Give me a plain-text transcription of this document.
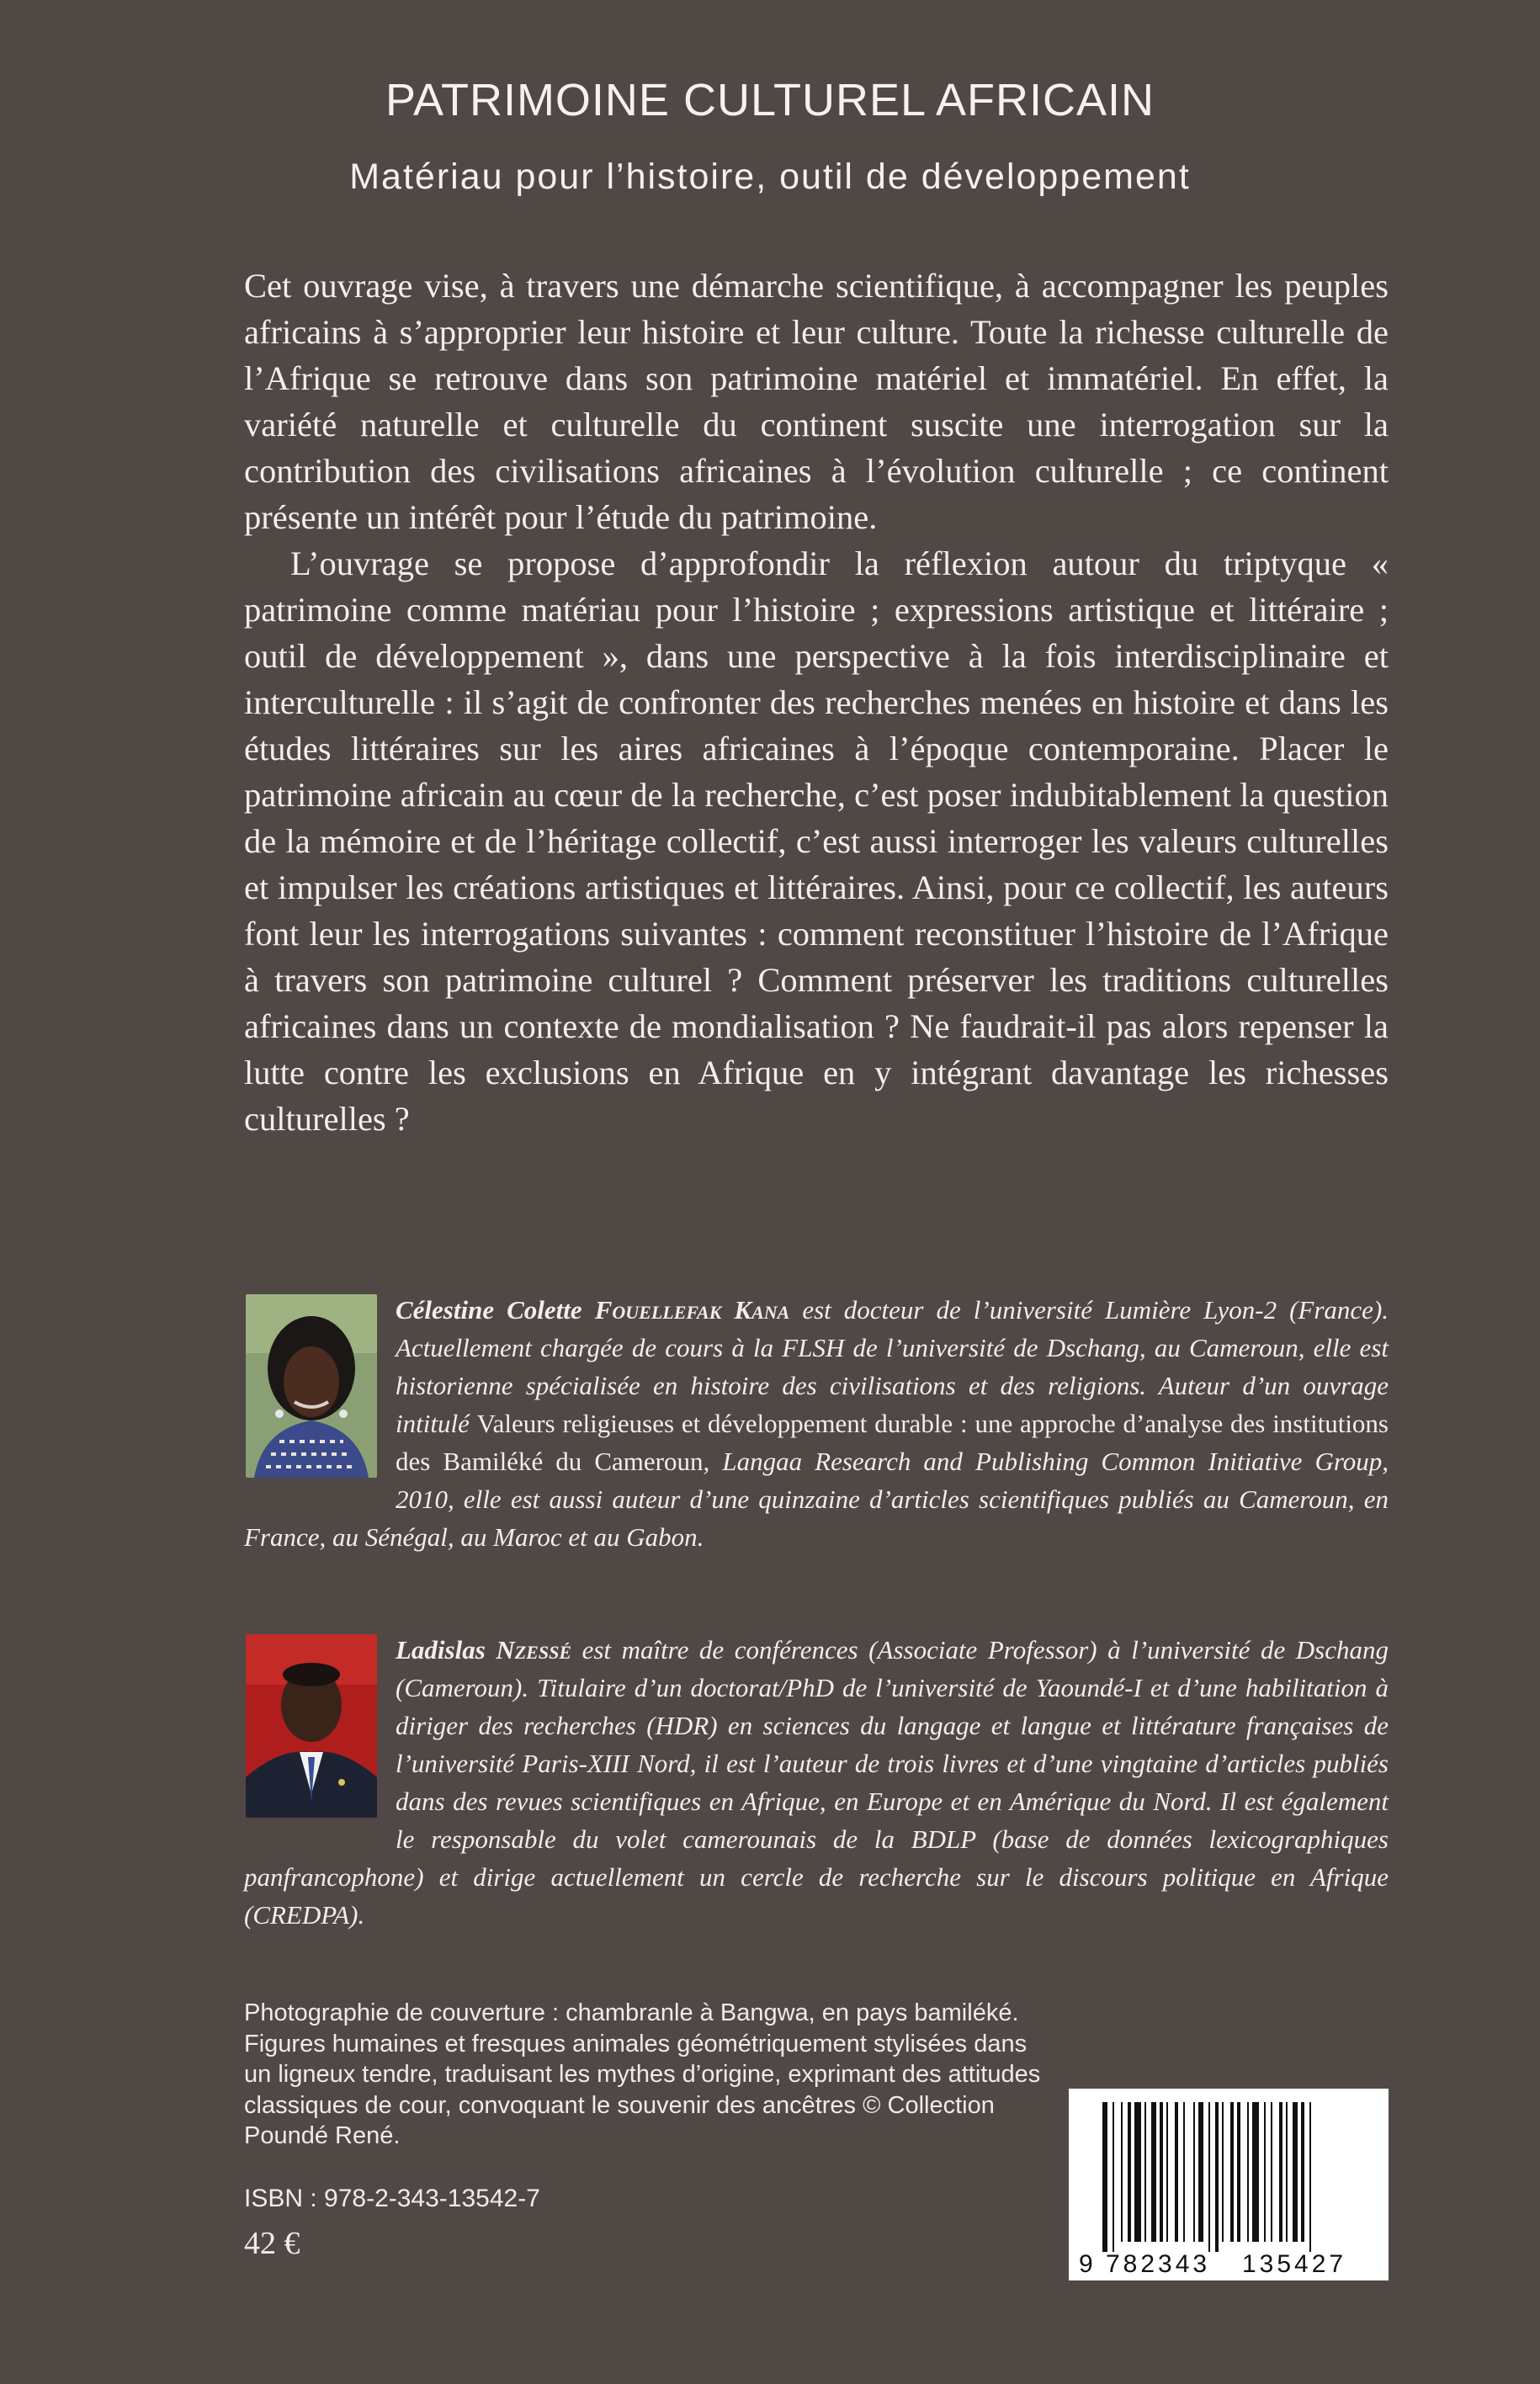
PATRIMOINE CULTUREL AFRICAIN
Matériau pour l’histoire, outil de développement

Cet ouvrage vise, à travers une démarche scientifique, à accompagner les peuples africains à s’approprier leur histoire et leur culture. Toute la richesse culturelle de l’Afrique se retrouve dans son patrimoine matériel et immatériel. En effet, la variété naturelle et culturelle du continent suscite une interrogation sur la contribution des civilisations africaines à l’évolution culturelle ; ce continent présente un intérêt pour l’étude du patrimoine.

L’ouvrage se propose d’approfondir la réflexion autour du triptyque « patrimoine comme matériau pour l’histoire ; expressions artistique et littéraire ; outil de développement », dans une perspective à la fois interdisciplinaire et interculturelle : il s’agit de confronter des recherches menées en histoire et dans les études littéraires sur les aires africaines à l’époque contemporaine. Placer le patrimoine africain au cœur de la recherche, c’est poser indubitablement la question de la mémoire et de l’héritage collectif, c’est aussi interroger les valeurs culturelles et impulser les créations artistiques et littéraires. Ainsi, pour ce collectif, les auteurs font leur les interrogations suivantes : comment reconstituer l’histoire de l’Afrique à travers son patrimoine culturel ? Comment préserver les traditions culturelles africaines dans un contexte de mondialisation ? Ne faudrait-il pas alors repenser la lutte contre les exclusions en Afrique en y intégrant davantage les richesses culturelles ?

Célestine Colette Fouellefak Kana est docteur de l’université Lumière Lyon-2 (France). Actuellement chargée de cours à la FLSH de l’université de Dschang, au Cameroun, elle est historienne spécialisée en histoire des civilisations et des religions. Auteur d’un ouvrage intitulé Valeurs religieuses et développement durable : une approche d’analyse des institutions des Bamiléké du Cameroun, Langaa Research and Publishing Common Initiative Group, 2010, elle est aussi auteur d’une quinzaine d’articles scientifiques publiés au Cameroun, en France, au Sénégal, au Maroc et au Gabon.
Ladislas Nzessé est maître de conférences (Associate Professor) à l’université de Dschang (Cameroun). Titulaire d’un doctorat/PhD de l’université de Yaoundé-I et d’une habilitation à diriger des recherches (HDR) en sciences du langage et langue et littérature françaises de l’université Paris-XIII Nord, il est l’auteur de trois livres et d’une vingtaine d’articles publiés dans des revues scientifiques en Afrique, en Europe et en Amérique du Nord. Il est également le responsable du volet camerounais de la BDLP (base de données lexicographiques panfrancophone) et dirige actuellement un cercle de recherche sur le discours politique en Afrique (CREDPA).
Photographie de couverture : chambranle à Bangwa, en pays bamiléké. Figures humaines et fresques animales géométriquement stylisées dans un ligneux tendre, traduisant les mythes d’origine, exprimant des attitudes classiques de cour, convoquant le souvenir des ancêtres © Collection Poundé René.
ISBN : 978-2-343-13542-7
42 €
9 782343 135427
